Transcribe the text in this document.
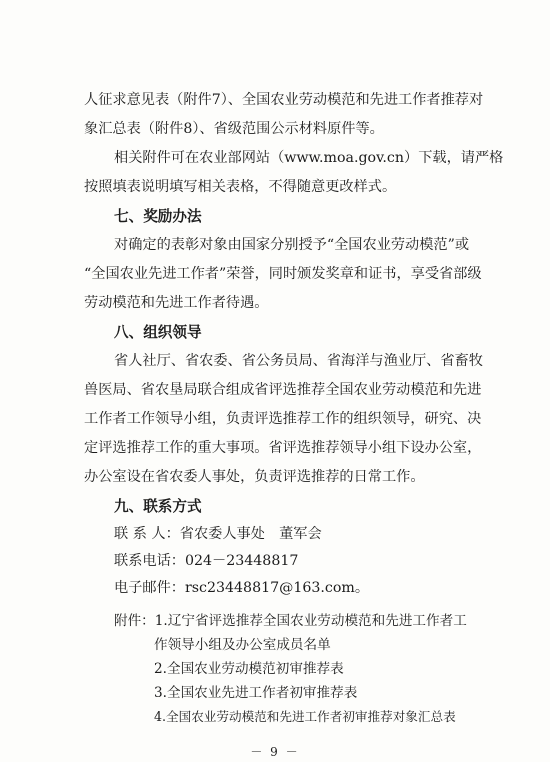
人征求意见表（附件7）、全国农业劳动模范和先进工作者推荐对

象汇总表（附件8）、省级范围公示材料原件等。

相关附件可在农业部网站（www.moa.gov.cn）下载，请严格

按照填表说明填写相关表格，不得随意更改样式。

七、奖励办法

对确定的表彰对象由国家分别授予“全国农业劳动模范”或

“全国农业先进工作者”荣誉，同时颁发奖章和证书，享受省部级

劳动模范和先进工作者待遇。

八、组织领导

省人社厅、省农委、省公务员局、省海洋与渔业厅、省畜牧

兽医局、省农垦局联合组成省评选推荐全国农业劳动模范和先进

工作者工作领导小组，负责评选推荐工作的组织领导，研究、决

定评选推荐工作的重大事项。省评选推荐领导小组下设办公室，

办公室设在省农委人事处，负责评选推荐的日常工作。

九、联系方式

联 系 人：省农委人事处　董军会
联系电话：024－23448817
电子邮件：rsc23448817@163.com。
附件：1.辽宁省评选推荐全国农业劳动模范和先进工作者工
作领导小组及办公室成员名单
2.全国农业劳动模范初审推荐表
3.全国农业先进工作者初审推荐表
4.全国农业劳动模范和先进工作者初审推荐对象汇总表
－ 9 －
